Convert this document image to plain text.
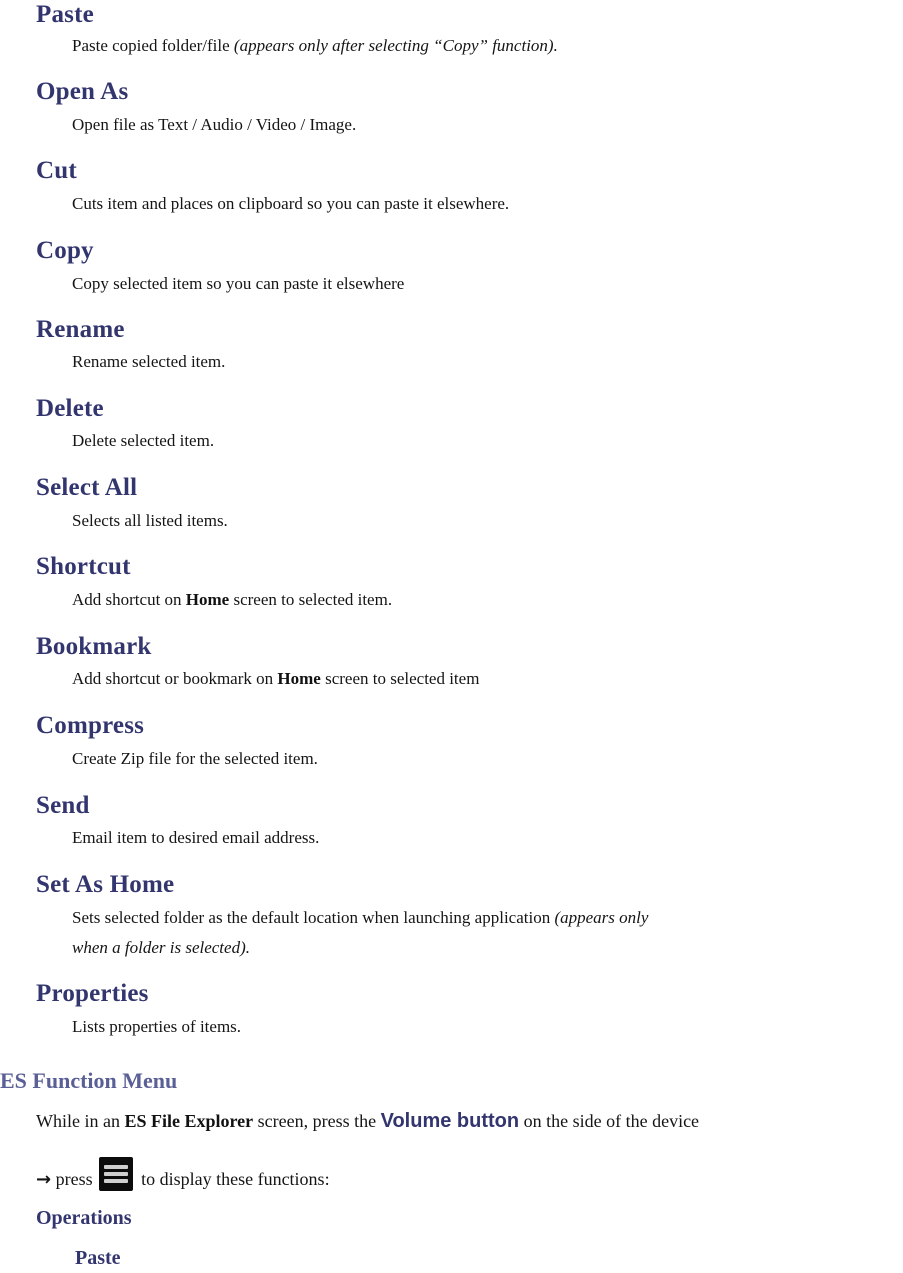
Paste
Paste copied folder/file (appears only after selecting “Copy” function).
Open As
Open file as Text / Audio / Video / Image.
Cut
Cuts item and places on clipboard so you can paste it elsewhere.
Copy
Copy selected item so you can paste it elsewhere
Rename
Rename selected item.
Delete
Delete selected item.
Select All
Selects all listed items.
Shortcut
Add shortcut on Home screen to selected item.
Bookmark
Add shortcut or bookmark on Home screen to selected item
Compress
Create Zip file for the selected item.
Send
Email item to desired email address.
Set As Home
Sets selected folder as the default location when launching application (appears only
when a folder is selected).
Properties
Lists properties of items.
ES Function Menu
While in an ES File Explorer screen, press the Volume button on the side of the device
→ press
to display these functions:
Operations
Paste
